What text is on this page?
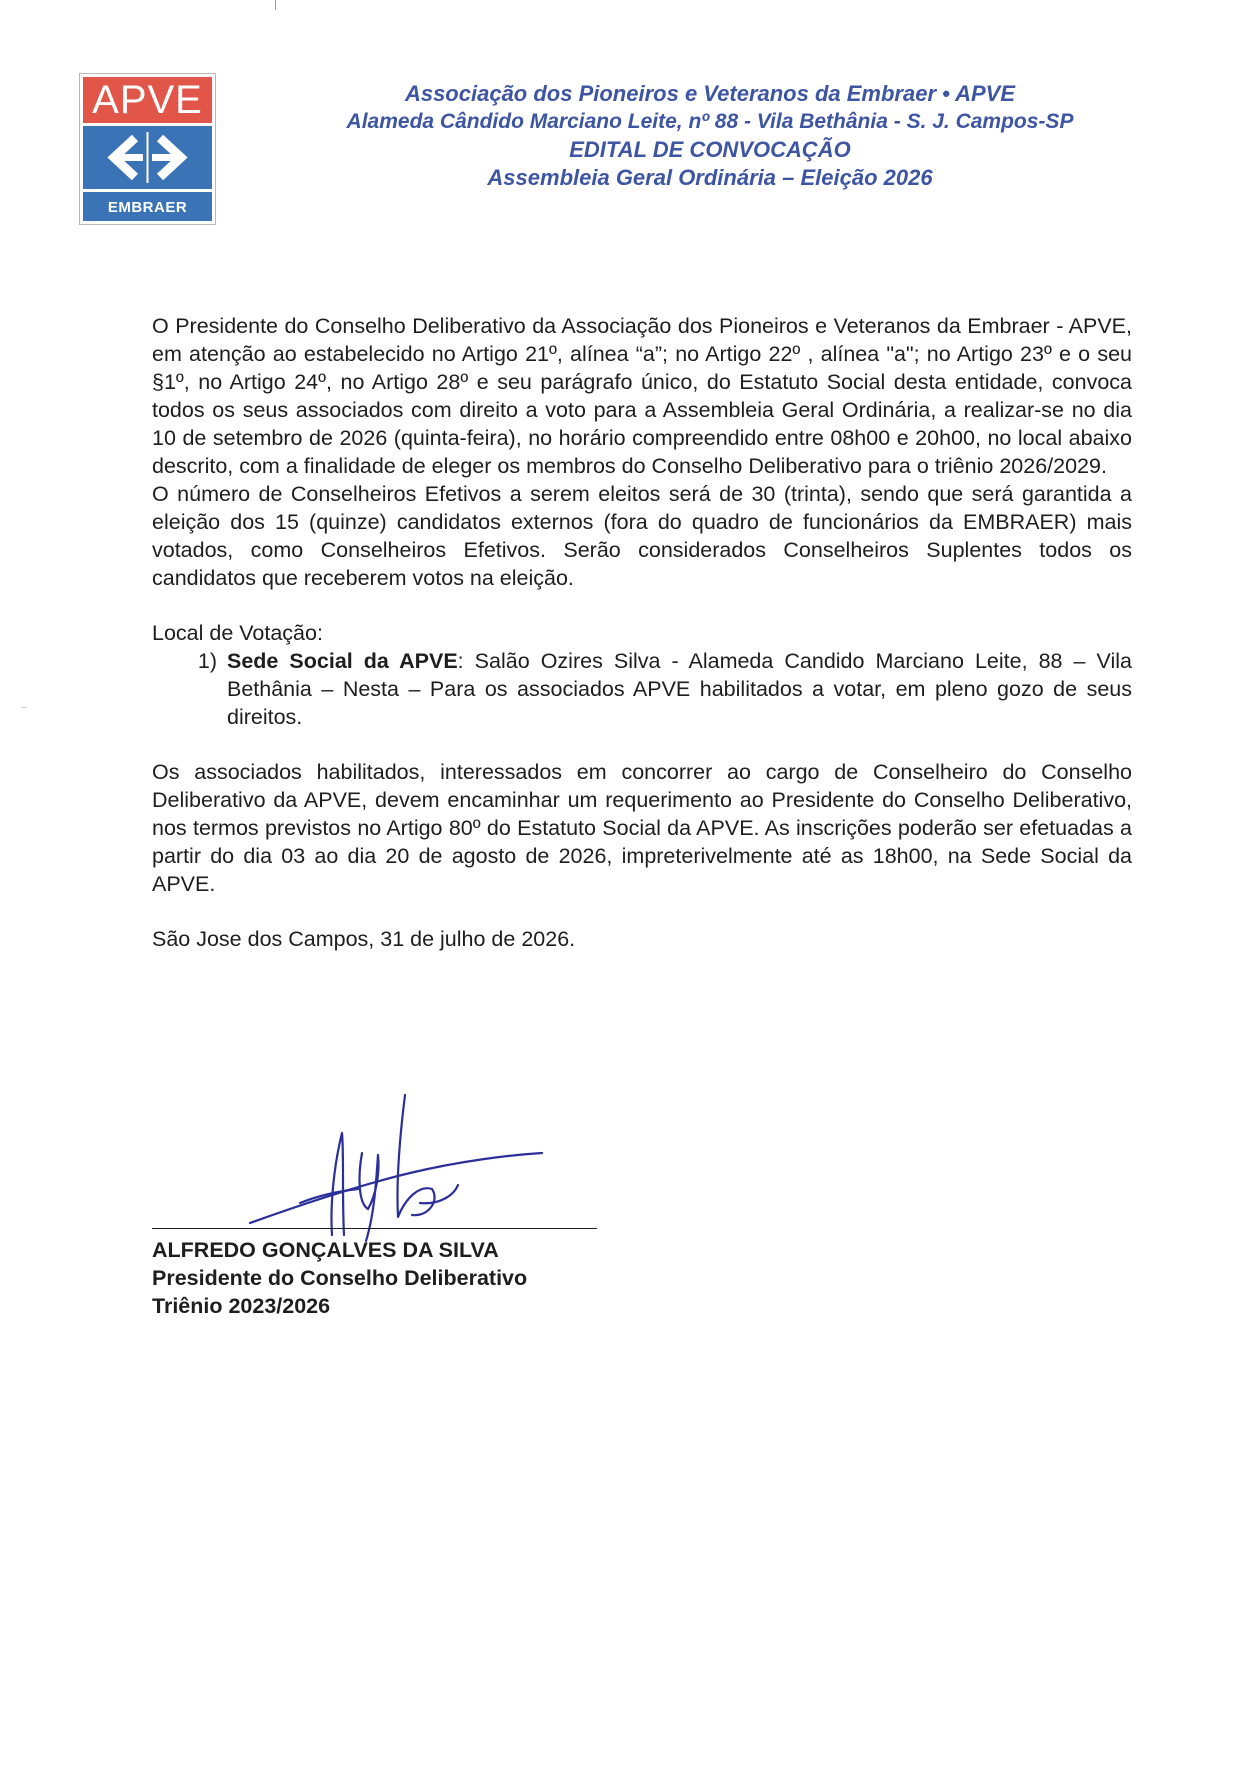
APVE
EMBRAER
Associação dos Pioneiros e Veteranos da Embraer • APVE
Alameda Cândido Marciano Leite, nº 88 - Vila Bethânia - S. J. Campos-SP
EDITAL DE CONVOCAÇÃO
Assembleia Geral Ordinária – Eleição 2026

O Presidente do Conselho Deliberativo da Associação dos Pioneiros e Veteranos da Embraer - APVE, em atenção ao estabelecido no Artigo 21º, alínea “a”; no Artigo 22º , alínea "a"; no Artigo 23º e o seu §1º, no Artigo 24º, no Artigo 28º e seu parágrafo único, do Estatuto Social desta entidade, convoca todos os seus associados com direito a voto para a Assembleia Geral Ordinária, a realizar-se no dia 10 de setembro de 2026 (quinta-feira), no horário compreendido entre 08h00 e 20h00, no local abaixo descrito, com a finalidade de eleger os membros do Conselho Deliberativo para o triênio 2026/2029.

O número de Conselheiros Efetivos a serem eleitos será de 30 (trinta), sendo que será garantida a eleição dos 15 (quinze) candidatos externos (fora do quadro de funcionários da EMBRAER) mais votados, como Conselheiros Efetivos. Serão considerados Conselheiros Suplentes todos os candidatos que receberem votos na eleição.

Local de Votação:

1) Sede Social da APVE: Salão Ozires Silva - Alameda Candido Marciano Leite, 88 – Vila Bethânia – Nesta – Para os associados APVE habilitados a votar, em pleno gozo de seus direitos.

Os associados habilitados, interessados em concorrer ao cargo de Conselheiro do Conselho Deliberativo da APVE, devem encaminhar um requerimento ao Presidente do Conselho Deliberativo, nos termos previstos no Artigo 80º do Estatuto Social da APVE. As inscrições poderão ser efetuadas a partir do dia 03 ao dia 20 de agosto de 2026, impreterivelmente até as 18h00, na Sede Social da APVE.

São Jose dos Campos, 31 de julho de 2026.

ALFREDO GONÇALVES DA SILVA
Presidente do Conselho Deliberativo
Triênio 2023/2026
